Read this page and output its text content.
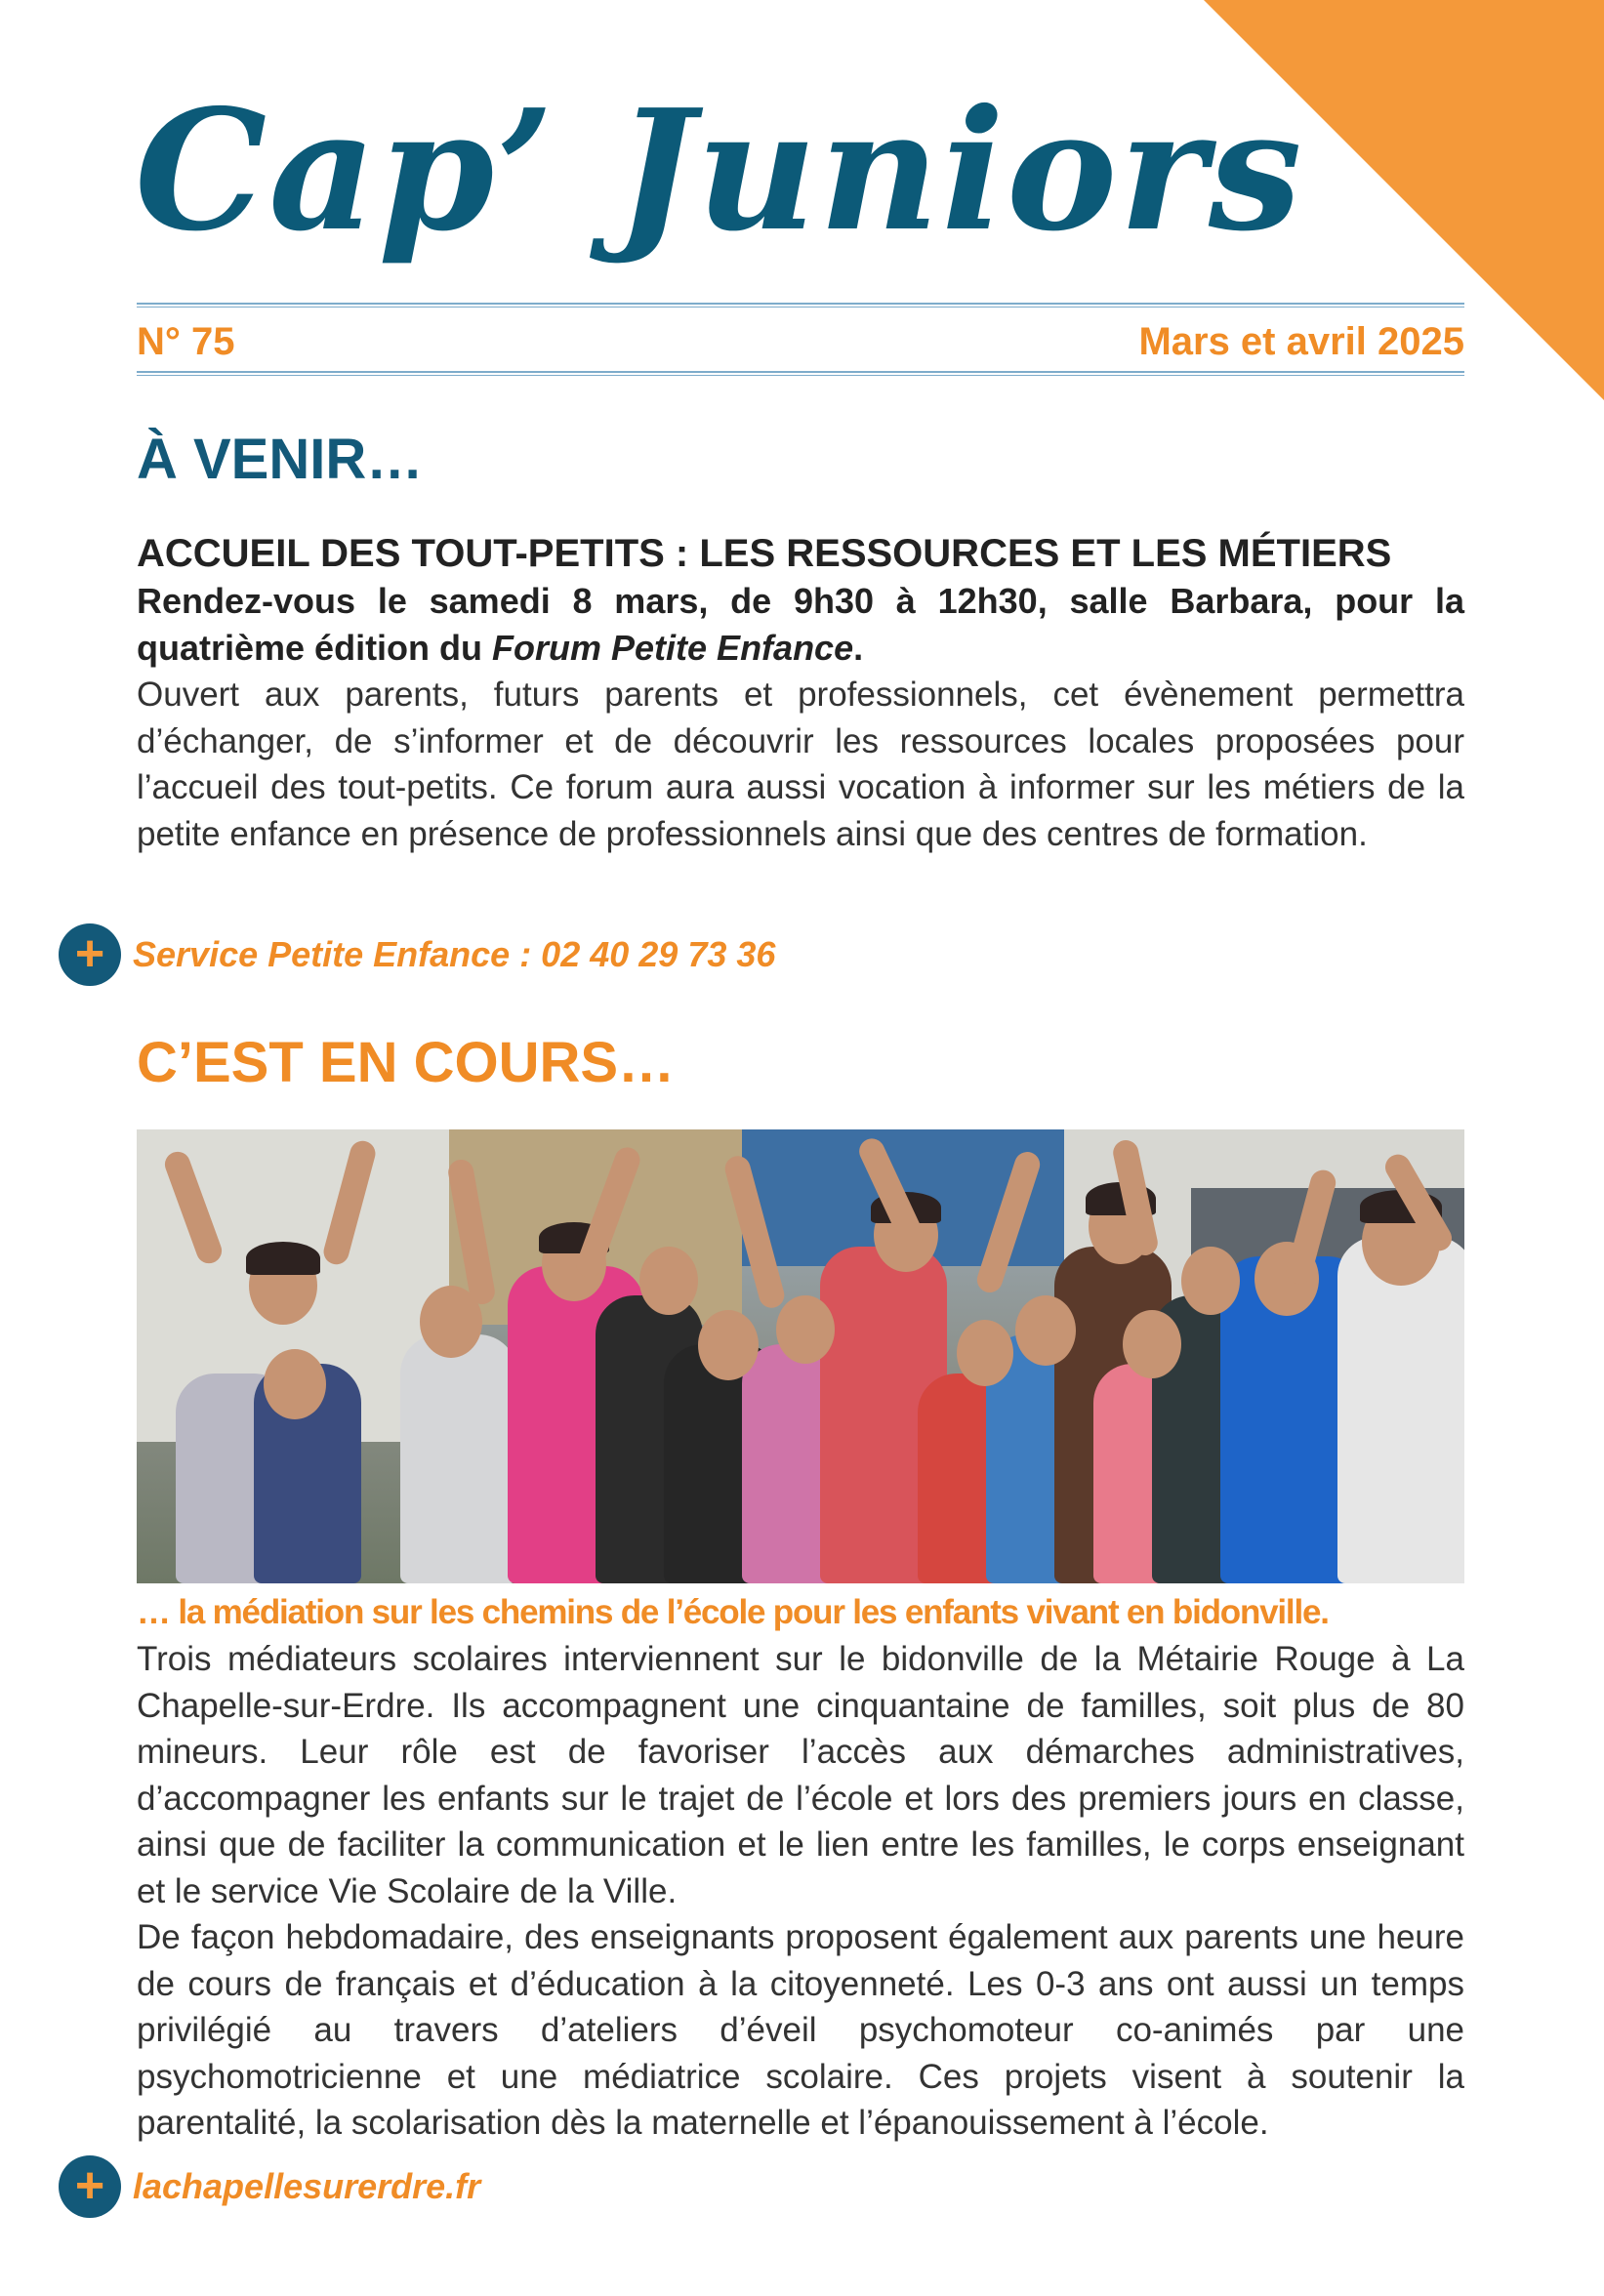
Cap’ Juniors
N° 75	Mars et avril 2025
À VENIR…
ACCUEIL DES TOUT-PETITS : LES RESSOURCES ET LES MÉTIERS
Rendez-vous le samedi 8 mars, de 9h30 à 12h30, salle Barbara, pour la
quatrième édition du Forum Petite Enfance.
Ouvert aux parents, futurs parents et professionnels, cet évènement permettra d’échanger, de s’informer et de découvrir les ressources locales proposées pour l’accueil des tout-petits. Ce forum aura aussi vocation à informer sur les métiers de la petite enfance en présence de professionnels ainsi que des centres de formation.
+ Service Petite Enfance : 02 40 29 73 36
C’EST EN COURS…
… la médiation sur les chemins de l’école pour les enfants vivant en bidonville.
Trois médiateurs scolaires interviennent sur le bidonville de la Métairie Rouge à La Chapelle-sur-Erdre. Ils accompagnent une cinquantaine de familles, soit plus de 80 mineurs. Leur rôle est de favoriser l’accès aux démarches administratives, d’accompagner les enfants sur le trajet de l’école et lors des premiers jours en classe, ainsi que de faciliter la communication et le lien entre les familles, le corps enseignant et le service Vie Scolaire de la Ville.
De façon hebdomadaire, des enseignants proposent également aux parents une heure de cours de français et d’éducation à la citoyenneté. Les 0-3 ans ont aussi un temps privilégié au travers d’ateliers d’éveil psychomoteur co-animés par une psychomotricienne et une médiatrice scolaire. Ces projets visent à soutenir la parentalité, la scolarisation dès la maternelle et l’épanouissement à l’école.
+ lachapellesurerdre.fr
